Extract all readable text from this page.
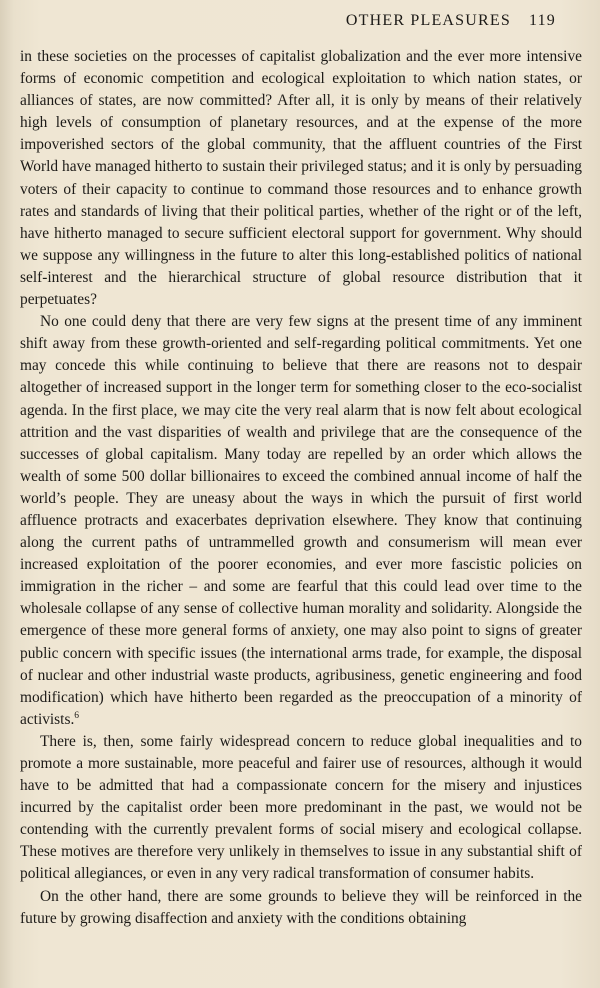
OTHER PLEASURES 119

in these societies on the processes of capitalist globalization and the ever more intensive forms of economic competition and ecological exploitation to which nation states, or alliances of states, are now committed? After all, it is only by means of their relatively high levels of consumption of planetary resources, and at the expense of the more impoverished sectors of the global community, that the affluent countries of the First World have managed hitherto to sustain their privileged status; and it is only by persuading voters of their capacity to continue to command those resources and to enhance growth rates and standards of living that their political parties, whether of the right or of the left, have hitherto managed to secure sufficient electoral support for government. Why should we suppose any willingness in the future to alter this long-established politics of national self-interest and the hierarchical structure of global resource distribution that it perpetuates?

No one could deny that there are very few signs at the present time of any imminent shift away from these growth-oriented and self-regarding political commitments. Yet one may concede this while continuing to believe that there are reasons not to despair altogether of increased support in the longer term for something closer to the eco-socialist agenda. In the first place, we may cite the very real alarm that is now felt about ecological attrition and the vast disparities of wealth and privilege that are the consequence of the successes of global capitalism. Many today are repelled by an order which allows the wealth of some 500 dollar billionaires to exceed the combined annual income of half the world’s people. They are uneasy about the ways in which the pursuit of first world affluence protracts and exacerbates deprivation elsewhere. They know that continuing along the current paths of untrammelled growth and consumerism will mean ever increased exploitation of the poorer economies, and ever more fascistic policies on immigration in the richer – and some are fearful that this could lead over time to the wholesale collapse of any sense of collective human morality and solidarity. Alongside the emergence of these more general forms of anxiety, one may also point to signs of greater public concern with specific issues (the international arms trade, for example, the disposal of nuclear and other industrial waste products, agribusiness, genetic engineering and food modification) which have hitherto been regarded as the preoccupation of a minority of activists.$^6$

There is, then, some fairly widespread concern to reduce global inequalities and to promote a more sustainable, more peaceful and fairer use of resources, although it would have to be admitted that had a compassionate concern for the misery and injustices incurred by the capitalist order been more predominant in the past, we would not be contending with the currently prevalent forms of social misery and ecological collapse. These motives are therefore very unlikely in themselves to issue in any substantial shift of political allegiances, or even in any very radical transformation of consumer habits.

On the other hand, there are some grounds to believe they will be reinforced in the future by growing disaffection and anxiety with the conditions obtaining
